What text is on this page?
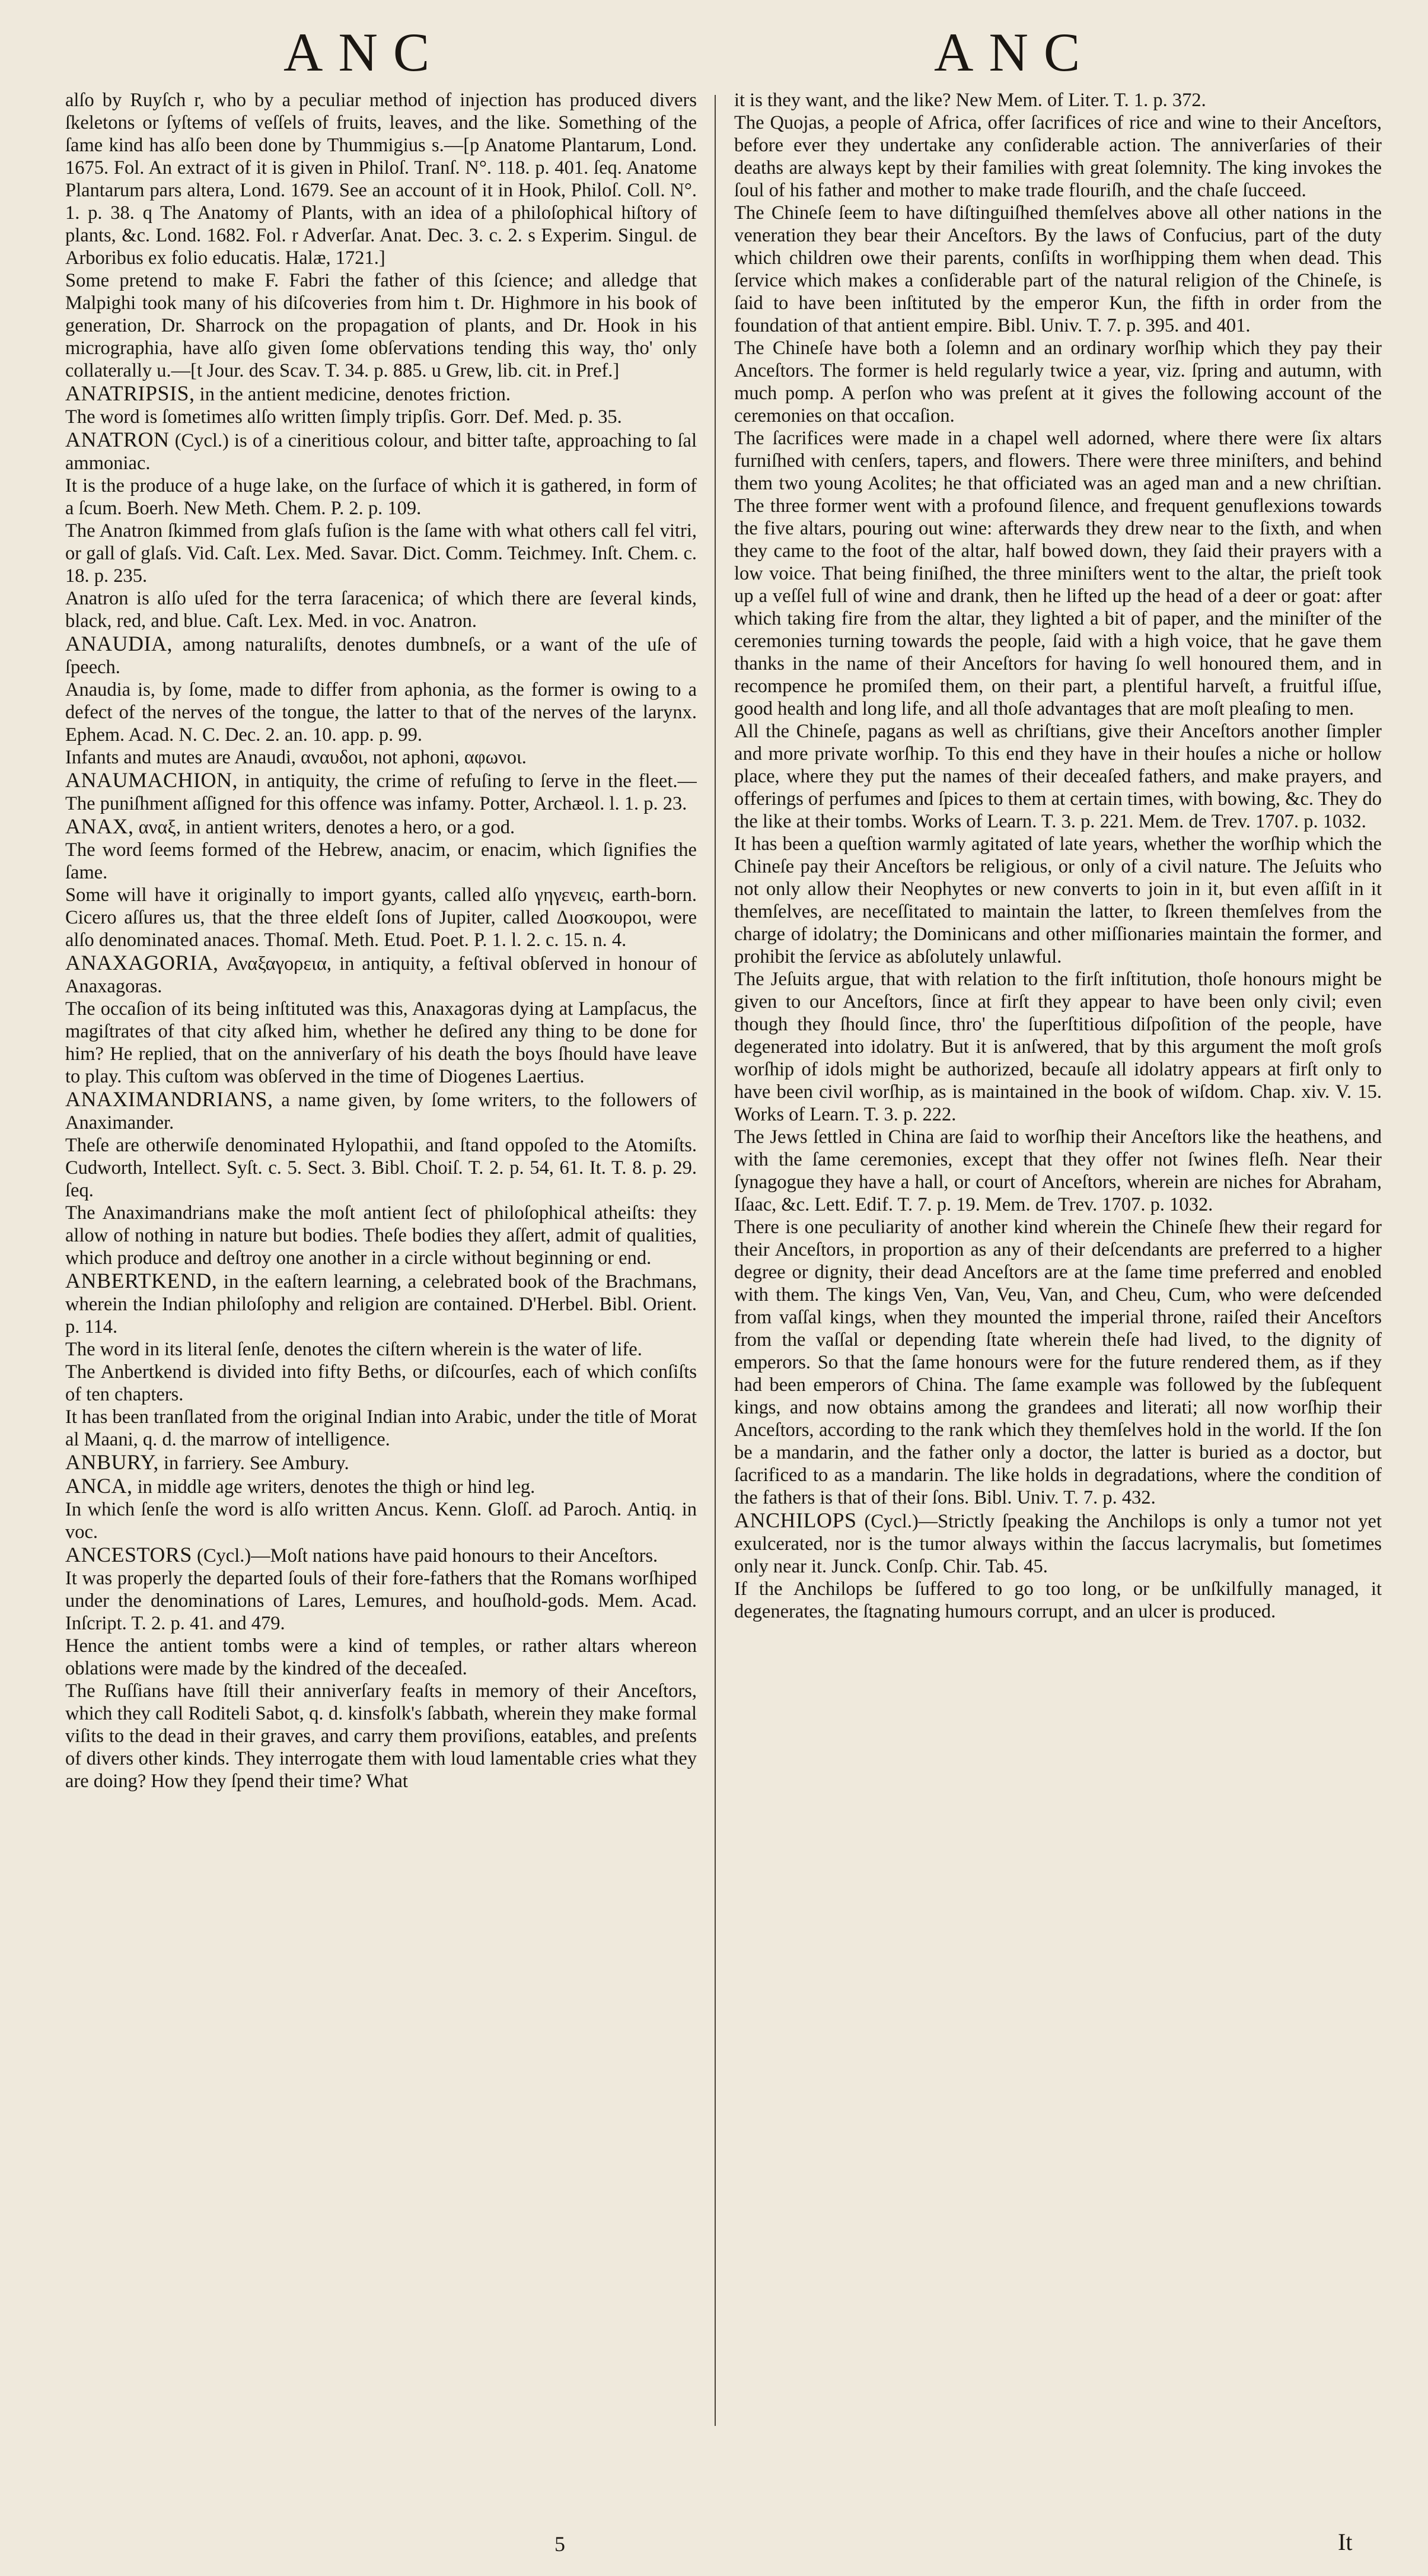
ANC	ANC

alſo by Ruyſch r, who by a peculiar method of injection has produced divers ſkeletons or ſyſtems of veſſels of fruits, leaves, and the like. Something of the ſame kind has alſo been done by Thummigius s.—[p Anatome Plantarum, Lond. 1675. Fol. An extract of it is given in Philoſ. Tranſ. N°. 118. p. 401. ſeq. Anatome Plantarum pars altera, Lond. 1679. See an account of it in Hook, Philoſ. Coll. N°. 1. p. 38. q The Anatomy of Plants, with an idea of a philoſophical hiſtory of plants, &c. Lond. 1682. Fol. r Adverſar. Anat. Dec. 3. c. 2. s Experim. Singul. de Arboribus ex folio educatis. Halæ, 1721.]

Some pretend to make F. Fabri the father of this ſcience; and alledge that Malpighi took many of his diſcoveries from him t. Dr. Highmore in his book of generation, Dr. Sharrock on the propagation of plants, and Dr. Hook in his micrographia, have alſo given ſome obſervations tending this way, tho' only collaterally u.—[t Jour. des Scav. T. 34. p. 885. u Grew, lib. cit. in Pref.]

ANATRIPSIS, in the antient medicine, denotes friction.

The word is ſometimes alſo written ſimply tripſis. Gorr. Def. Med. p. 35.

ANATRON (Cycl.) is of a cineritious colour, and bitter taſte, approaching to ſal ammoniac.

It is the produce of a huge lake, on the ſurface of which it is gathered, in form of a ſcum. Boerh. New Meth. Chem. P. 2. p. 109.

The Anatron ſkimmed from glaſs fuſion is the ſame with what others call fel vitri, or gall of glaſs. Vid. Caſt. Lex. Med. Savar. Dict. Comm. Teichmey. Inſt. Chem. c. 18. p. 235.

Anatron is alſo uſed for the terra ſaracenica; of which there are ſeveral kinds, black, red, and blue. Caſt. Lex. Med. in voc. Anatron.

ANAUDIA, among naturaliſts, denotes dumbneſs, or a want of the uſe of ſpeech.

Anaudia is, by ſome, made to differ from aphonia, as the former is owing to a defect of the nerves of the tongue, the latter to that of the nerves of the larynx. Ephem. Acad. N. C. Dec. 2. an. 10. app. p. 99.

Infants and mutes are Anaudi, αναυδοι, not aphoni, αφωνοι.

ANAUMACHION, in antiquity, the crime of refuſing to ſerve in the fleet.—The puniſhment aſſigned for this offence was infamy. Potter, Archæol. l. 1. p. 23.

ANAX, αναξ, in antient writers, denotes a hero, or a god.

The word ſeems formed of the Hebrew, anacim, or enacim, which ſignifies the ſame.

Some will have it originally to import gyants, called alſo γηγενεις, earth-born. Cicero aſſures us, that the three eldeſt ſons of Jupiter, called Διοσκουροι, were alſo denominated anaces. Thomaſ. Meth. Etud. Poet. P. 1. l. 2. c. 15. n. 4.

ANAXAGORIA, Αναξαγορεια, in antiquity, a feſtival obſerved in honour of Anaxagoras.

The occaſion of its being inſtituted was this, Anaxagoras dying at Lampſacus, the magiſtrates of that city aſked him, whether he deſired any thing to be done for him? He replied, that on the anniverſary of his death the boys ſhould have leave to play. This cuſtom was obſerved in the time of Diogenes Laertius.

ANAXIMANDRIANS, a name given, by ſome writers, to the followers of Anaximander.

Theſe are otherwiſe denominated Hylopathii, and ſtand oppoſed to the Atomiſts. Cudworth, Intellect. Syſt. c. 5. Sect. 3. Bibl. Choiſ. T. 2. p. 54, 61. It. T. 8. p. 29. ſeq.

The Anaximandrians make the moſt antient ſect of philoſophical atheiſts: they allow of nothing in nature but bodies. Theſe bodies they aſſert, admit of qualities, which produce and deſtroy one another in a circle without beginning or end.

ANBERTKEND, in the eaſtern learning, a celebrated book of the Brachmans, wherein the Indian philoſophy and religion are contained. D'Herbel. Bibl. Orient. p. 114.

The word in its literal ſenſe, denotes the ciſtern wherein is the water of life.

The Anbertkend is divided into fifty Beths, or diſcourſes, each of which conſiſts of ten chapters.

It has been tranſlated from the original Indian into Arabic, under the title of Morat al Maani, q. d. the marrow of intelligence.

ANBURY, in farriery. See Ambury.

ANCA, in middle age writers, denotes the thigh or hind leg.

In which ſenſe the word is alſo written Ancus. Kenn. Gloſſ. ad Paroch. Antiq. in voc.

ANCESTORS (Cycl.)—Moſt nations have paid honours to their Anceſtors.

It was properly the departed ſouls of their fore-fathers that the Romans worſhiped under the denominations of Lares, Lemures, and houſhold-gods. Mem. Acad. Inſcript. T. 2. p. 41. and 479.

Hence the antient tombs were a kind of temples, or rather altars whereon oblations were made by the kindred of the deceaſed.

The Ruſſians have ſtill their anniverſary feaſts in memory of their Anceſtors, which they call Roditeli Sabot, q. d. kinsfolk's ſabbath, wherein they make formal viſits to the dead in their graves, and carry them proviſions, eatables, and preſents of divers other kinds. They interrogate them with loud lamentable cries what they are doing? How they ſpend their time? What

it is they want, and the like? New Mem. of Liter. T. 1. p. 372.

The Quojas, a people of Africa, offer ſacrifices of rice and wine to their Anceſtors, before ever they undertake any conſiderable action. The anniverſaries of their deaths are always kept by their families with great ſolemnity. The king invokes the ſoul of his father and mother to make trade flouriſh, and the chaſe ſucceed.

The Chineſe ſeem to have diſtinguiſhed themſelves above all other nations in the veneration they bear their Anceſtors. By the laws of Confucius, part of the duty which children owe their parents, conſiſts in worſhipping them when dead. This ſervice which makes a conſiderable part of the natural religion of the Chineſe, is ſaid to have been inſtituted by the emperor Kun, the fifth in order from the foundation of that antient empire. Bibl. Univ. T. 7. p. 395. and 401.

The Chineſe have both a ſolemn and an ordinary worſhip which they pay their Anceſtors. The former is held regularly twice a year, viz. ſpring and autumn, with much pomp. A perſon who was preſent at it gives the following account of the ceremonies on that occaſion.

The ſacrifices were made in a chapel well adorned, where there were ſix altars furniſhed with cenſers, tapers, and flowers. There were three miniſters, and behind them two young Acolites; he that officiated was an aged man and a new chriſtian. The three former went with a profound ſilence, and frequent genuflexions towards the five altars, pouring out wine: afterwards they drew near to the ſixth, and when they came to the foot of the altar, half bowed down, they ſaid their prayers with a low voice. That being finiſhed, the three miniſters went to the altar, the prieſt took up a veſſel full of wine and drank, then he lifted up the head of a deer or goat: after which taking fire from the altar, they lighted a bit of paper, and the miniſter of the ceremonies turning towards the people, ſaid with a high voice, that he gave them thanks in the name of their Anceſtors for having ſo well honoured them, and in recompence he promiſed them, on their part, a plentiful harveſt, a fruitful iſſue, good health and long life, and all thoſe advantages that are moſt pleaſing to men.

All the Chineſe, pagans as well as chriſtians, give their Anceſtors another ſimpler and more private worſhip. To this end they have in their houſes a niche or hollow place, where they put the names of their deceaſed fathers, and make prayers, and offerings of perfumes and ſpices to them at certain times, with bowing, &c. They do the like at their tombs. Works of Learn. T. 3. p. 221. Mem. de Trev. 1707. p. 1032.

It has been a queſtion warmly agitated of late years, whether the worſhip which the Chineſe pay their Anceſtors be religious, or only of a civil nature. The Jeſuits who not only allow their Neophytes or new converts to join in it, but even aſſiſt in it themſelves, are neceſſitated to maintain the latter, to ſkreen themſelves from the charge of idolatry; the Dominicans and other miſſionaries maintain the former, and prohibit the ſervice as abſolutely unlawful.

The Jeſuits argue, that with relation to the firſt inſtitution, thoſe honours might be given to our Anceſtors, ſince at firſt they appear to have been only civil; even though they ſhould ſince, thro' the ſuperſtitious diſpoſition of the people, have degenerated into idolatry. But it is anſwered, that by this argument the moſt groſs worſhip of idols might be authorized, becauſe all idolatry appears at firſt only to have been civil worſhip, as is maintained in the book of wiſdom. Chap. xiv. V. 15. Works of Learn. T. 3. p. 222.

The Jews ſettled in China are ſaid to worſhip their Anceſtors like the heathens, and with the ſame ceremonies, except that they offer not ſwines fleſh. Near their ſynagogue they have a hall, or court of Anceſtors, wherein are niches for Abraham, Iſaac, &c. Lett. Edif. T. 7. p. 19. Mem. de Trev. 1707. p. 1032.

There is one peculiarity of another kind wherein the Chineſe ſhew their regard for their Anceſtors, in proportion as any of their deſcendants are preferred to a higher degree or dignity, their dead Anceſtors are at the ſame time preferred and enobled with them. The kings Ven, Van, Veu, Van, and Cheu, Cum, who were deſcended from vaſſal kings, when they mounted the imperial throne, raiſed their Anceſtors from the vaſſal or depending ſtate wherein theſe had lived, to the dignity of emperors. So that the ſame honours were for the future rendered them, as if they had been emperors of China. The ſame example was followed by the ſubſequent kings, and now obtains among the grandees and literati; all now worſhip their Anceſtors, according to the rank which they themſelves hold in the world. If the ſon be a mandarin, and the father only a doctor, the latter is buried as a doctor, but ſacrificed to as a mandarin. The like holds in degradations, where the condition of the fathers is that of their ſons. Bibl. Univ. T. 7. p. 432.

ANCHILOPS (Cycl.)—Strictly ſpeaking the Anchilops is only a tumor not yet exulcerated, nor is the tumor always within the ſaccus lacrymalis, but ſometimes only near it. Junck. Conſp. Chir. Tab. 45.

If the Anchilops be ſuffered to go too long, or be unſkilfully managed, it degenerates, the ſtagnating humours corrupt, and an ulcer is produced.

5	It
